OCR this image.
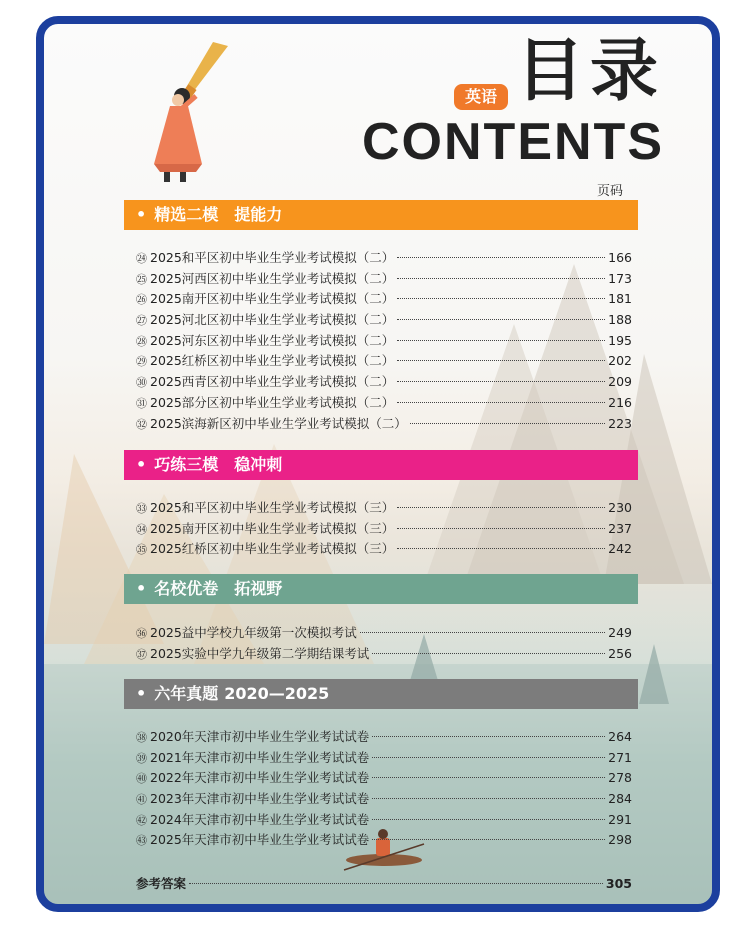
英语 目录
CONTENTS
页码
• 精选二模 提能力
㉔ 2025和平区初中毕业生学业考试模拟（二）	166
㉕ 2025河西区初中毕业生学业考试模拟（二）	173
㉖ 2025南开区初中毕业生学业考试模拟（二）	181
㉗ 2025河北区初中毕业生学业考试模拟（二）	188
㉘ 2025河东区初中毕业生学业考试模拟（二）	195
㉙ 2025红桥区初中毕业生学业考试模拟（二）	202
㉚ 2025西青区初中毕业生学业考试模拟（二）	209
㉛ 2025部分区初中毕业生学业考试模拟（二）	216
㉜ 2025滨海新区初中毕业生学业考试模拟（二）	223
• 巧练三模 稳冲刺
㉝ 2025和平区初中毕业生学业考试模拟（三）	230
㉞ 2025南开区初中毕业生学业考试模拟（三）	237
㉟ 2025红桥区初中毕业生学业考试模拟（三）	242
• 名校优卷 拓视野
㊱ 2025益中学校九年级第一次模拟考试	249
㊲ 2025实验中学九年级第二学期结课考试	256
• 六年真题 2020—2025
㊳ 2020年天津市初中毕业生学业考试试卷	264
㊴ 2021年天津市初中毕业生学业考试试卷	271
㊵ 2022年天津市初中毕业生学业考试试卷	278
㊶ 2023年天津市初中毕业生学业考试试卷	284
㊷ 2024年天津市初中毕业生学业考试试卷	291
㊸ 2025年天津市初中毕业生学业考试试卷	298
参考答案	305
